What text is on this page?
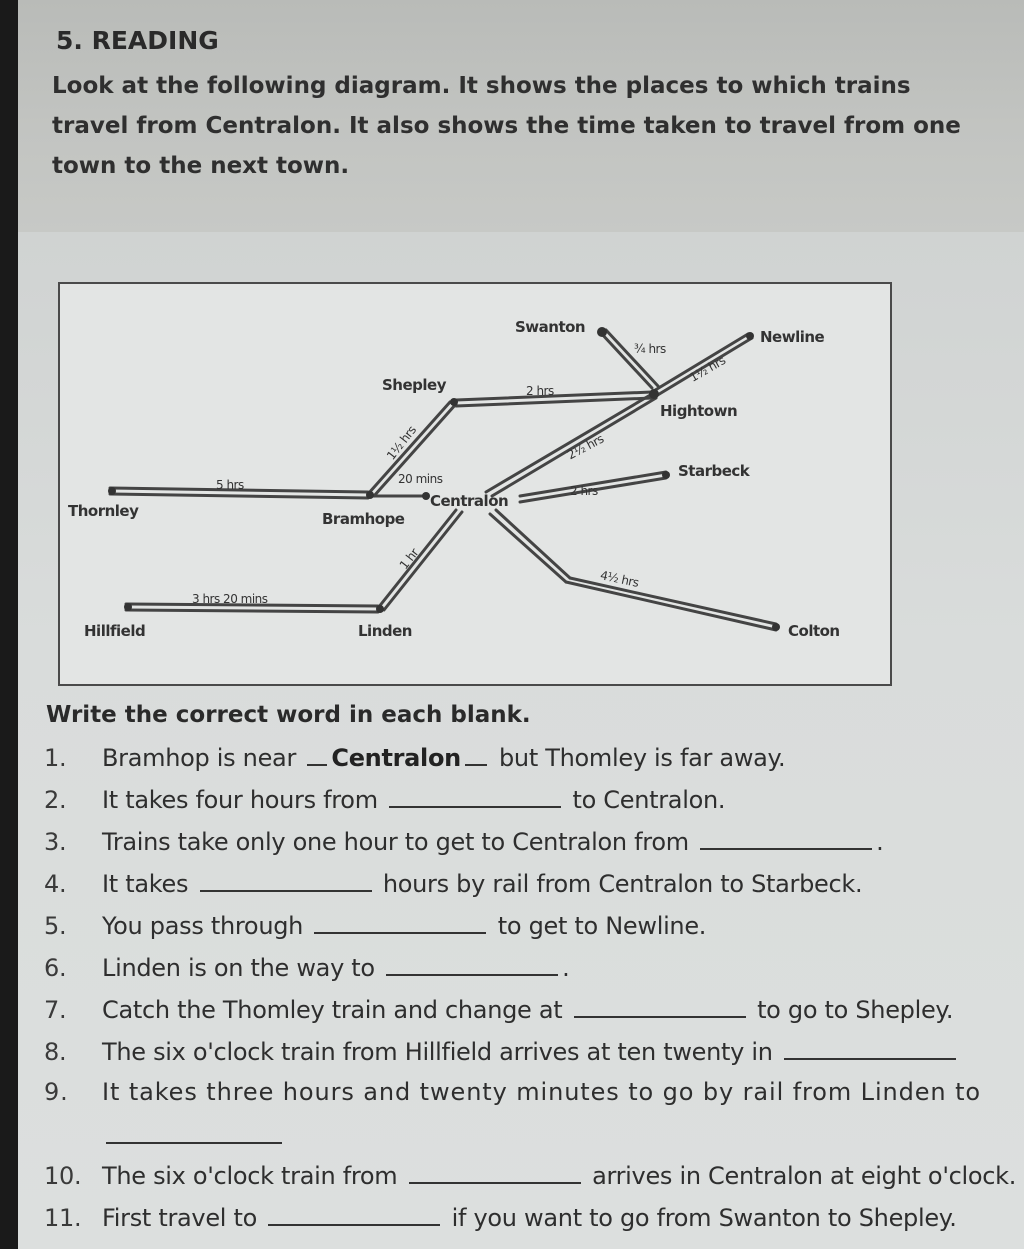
5. READING
Look at the following diagram. It shows the places to which trains travel from Centralon. It also shows the time taken to travel from one town to the next town.
Swanton
Newline
Shepley
Hightown
Starbeck
Thornley	Bramhope
Centralon
Hillfield	Linden	Colton
¾ hrs
1½ hrs
2 hrs
2½ hrs
1½ hrs
5 hrs	20 mins
2 hrs
1 hr
3 hrs 20 mins
4½ hrs
Write the correct word in each blank.
1. Bramhop is near Centralon but Thomley is far away.
2. It takes four hours from	to Centralon.
3. Trains take only one hour to get to Centralon from	.
4. It takes	hours by rail from Centralon to Starbeck.
5. You pass through	to get to Newline.
6. Linden is on the way to	.
7. Catch the Thomley train and change at	to go to Shepley.
8. The six o'clock train from Hillfield arrives at ten twenty in
9. It takes three hours and twenty minutes to go by rail from Linden to
10. The six o'clock train from	arrives in Centralon at eight o'clock.
11. First travel to	if you want to go from Swanton to Shepley.
